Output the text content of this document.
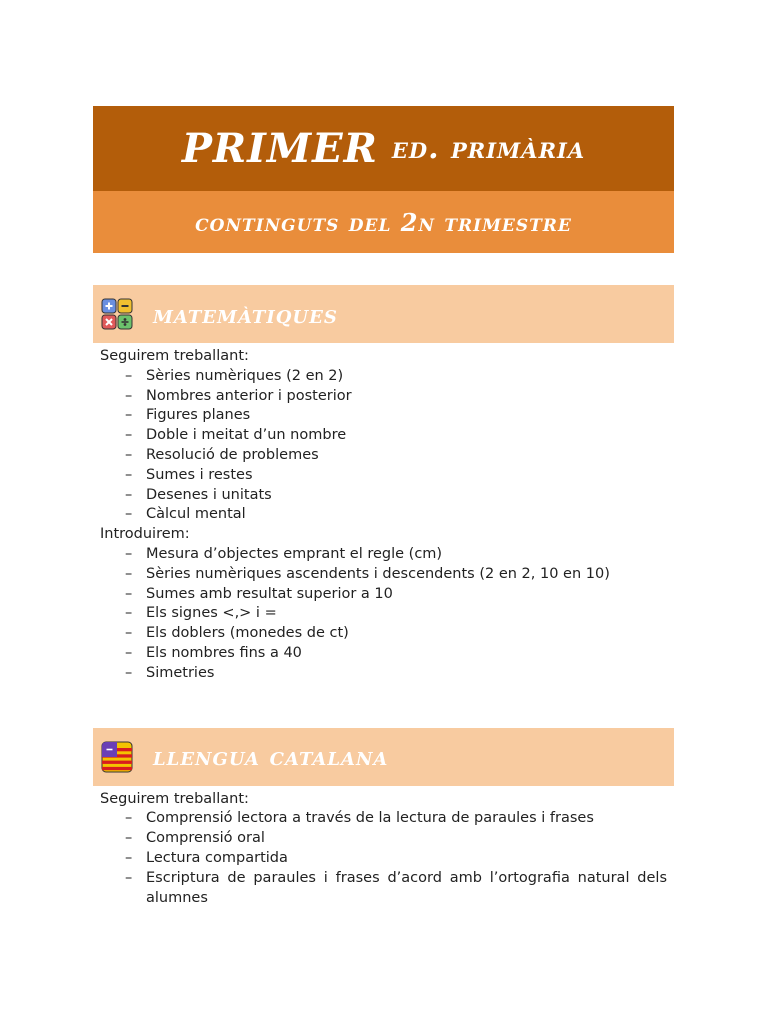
PRIMER ed. primària
continguts del 2n trimestre
matemàtiques

Seguirem treballant:

– Sèries numèriques (2 en 2)
– Nombres anterior i posterior
– Figures planes
– Doble i meitat d’un nombre
– Resolució de problemes
– Sumes i restes
– Desenes i unitats
– Càlcul mental

Introduirem:

– Mesura d’objectes emprant el regle (cm)
– Sèries numèriques ascendents i descendents (2 en 2, 10 en 10)
– Sumes amb resultat superior a 10
– Els signes <,> i =
– Els doblers (monedes de ct)
– Els nombres fins a 40
– Simetries
llengua catalana

Seguirem treballant:

– Comprensió lectora a través de la lectura de paraules i frases
– Comprensió oral
– Lectura compartida
– Escriptura de paraules i frases d’acord amb l’ortografia natural dels alumnes
